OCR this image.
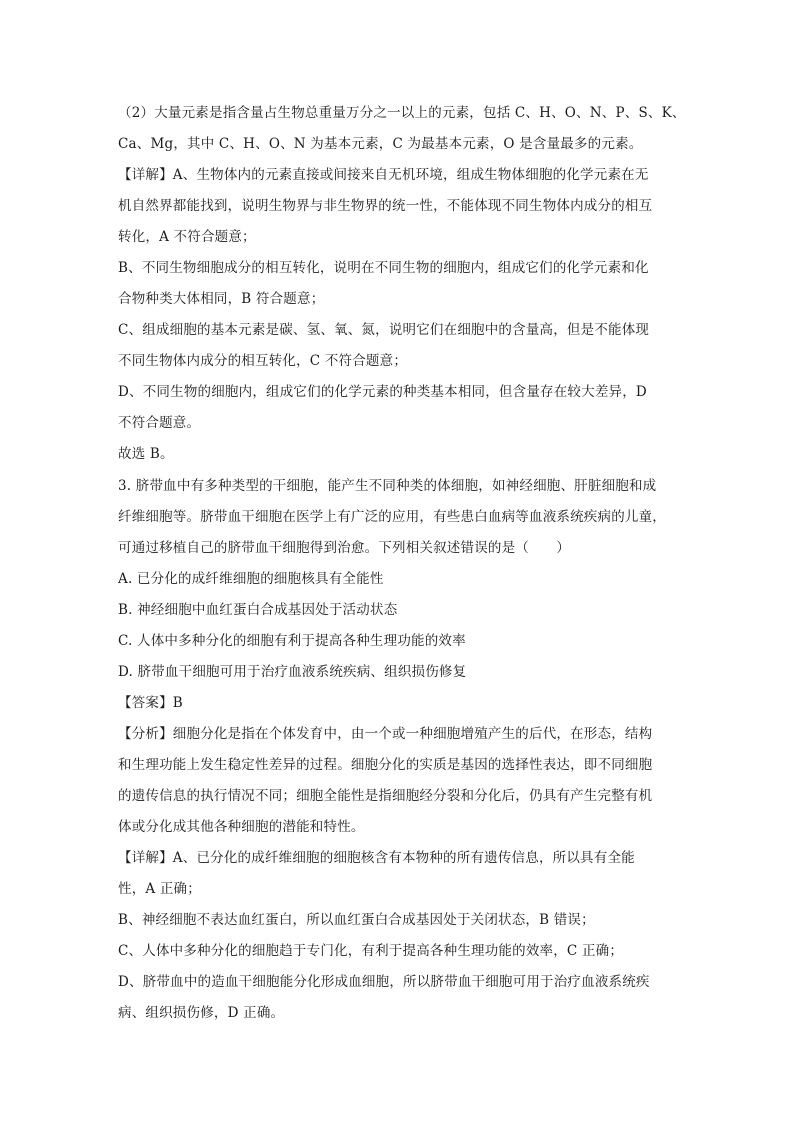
（2）大量元素是指含量占生物总重量万分之一以上的元素，包括 C、H、O、N、P、S、K、
Ca、Mg，其中 C、H、O、N 为基本元素，C 为最基本元素，O 是含量最多的元素。
【详解】A、生物体内的元素直接或间接来自无机环境，组成生物体细胞的化学元素在无
机自然界都能找到，说明生物界与非生物界的统一性，不能体现不同生物体内成分的相互
转化，A 不符合题意；
B、不同生物细胞成分的相互转化，说明在不同生物的细胞内，组成它们的化学元素和化
合物种类大体相同，B 符合题意；
C、组成细胞的基本元素是碳、氢、氧、氮，说明它们在细胞中的含量高，但是不能体现
不同生物体内成分的相互转化，C 不符合题意；
D、不同生物的细胞内，组成它们的化学元素的种类基本相同，但含量存在较大差异，D
不符合题意。
故选 B。
3. 脐带血中有多种类型的干细胞，能产生不同种类的体细胞，如神经细胞、肝脏细胞和成
纤维细胞等。脐带血干细胞在医学上有广泛的应用，有些患白血病等血液系统疾病的儿童，
可通过移植自己的脐带血干细胞得到治愈。下列相关叙述错误的是（　　）
A. 已分化的成纤维细胞的细胞核具有全能性
B. 神经细胞中血红蛋白合成基因处于活动状态
C. 人体中多种分化的细胞有利于提高各种生理功能的效率
D. 脐带血干细胞可用于治疗血液系统疾病、组织损伤修复
【答案】B
【分析】细胞分化是指在个体发育中，由一个或一种细胞增殖产生的后代，在形态，结构
和生理功能上发生稳定性差异的过程。细胞分化的实质是基因的选择性表达，即不同细胞
的遗传信息的执行情况不同；细胞全能性是指细胞经分裂和分化后，仍具有产生完整有机
体或分化成其他各种细胞的潜能和特性。
【详解】A、已分化的成纤维细胞的细胞核含有本物种的所有遗传信息，所以具有全能
性，A 正确；
B、神经细胞不表达血红蛋白，所以血红蛋白合成基因处于关闭状态，B 错误；
C、人体中多种分化的细胞趋于专门化，有利于提高各种生理功能的效率，C 正确；
D、脐带血中的造血干细胞能分化形成血细胞，所以脐带血干细胞可用于治疗血液系统疾
病、组织损伤修，D 正确。
